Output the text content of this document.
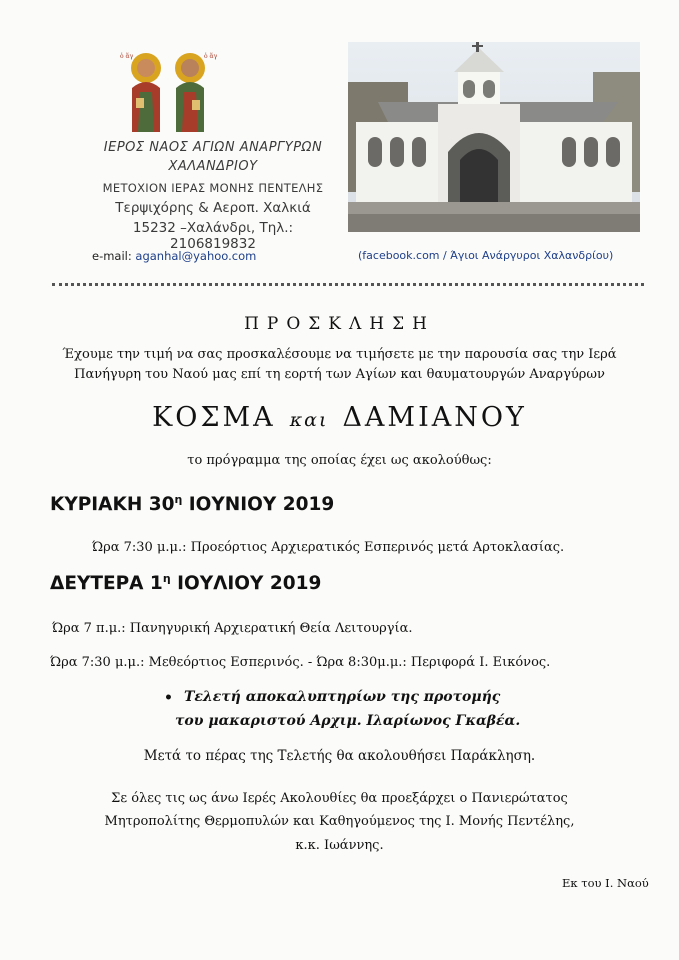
ὁ ἅγ	ὁ ἅγ
ΙΕΡΟΣ ΝΑΟΣ ΑΓΙΩΝ ΑΝΑΡΓΥΡΩΝ
ΧΑΛΑΝΔΡΙΟΥ
ΜΕΤΟΧΙΟΝ ΙΕΡΑΣ ΜΟΝΗΣ ΠΕΝΤΕΛΗΣ
Τερψιχόρης & Αεροπ. Χαλκιά
15232 –Χαλάνδρι, Τηλ.: 2106819832
e-mail: aganhal@yahoo.com	(facebook.com / Άγιοι Ανάργυροι Χαλανδρίου)
ΠΡΟΣΚΛΗΣΗ
Έχουμε την τιμή να σας προσκαλέσουμε να τιμήσετε με την παρουσία σας την Ιερά
Πανήγυρη του Ναού μας επί τη εορτή των Αγίων και θαυματουργών Αναργύρων
ΚΟΣΜΑ και ΔΑΜΙΑΝΟΥ
το πρόγραμμα της οποίας έχει ως ακολούθως:
ΚΥΡΙΑΚΗ $30^\eta$ ΙΟΥΝΙΟΥ 2019
Ώρα 7:30 μ.μ.: Προεόρτιος Αρχιερατικός Εσπερινός μετά Αρτοκλασίας.
ΔΕΥΤΕΡΑ $1^\eta$ ΙΟΥΛΙΟΥ 2019
Ώρα 7 π.μ.: Πανηγυρική Αρχιερατική Θεία Λειτουργία.
Ώρα 7:30 μ.μ.: Μεθεόρτιος Εσπερινός. - Ώρα 8:30μ.μ.: Περιφορά Ι. Εικόνος.
• Τελετή αποκαλυπτηρίων της προτομής
του μακαριστού Αρχιμ. Ιλαρίωνος Γκαβέα.
Μετά το πέρας της Τελετής θα ακολουθήσει Παράκληση.
Σε όλες τις ως άνω Ιερές Ακολουθίες θα προεξάρχει ο Πανιερώτατος
Μητροπολίτης Θερμοπυλών και Καθηγούμενος της Ι. Μονής Πεντέλης,
κ.κ. Ιωάννης.
Εκ του Ι. Ναού
